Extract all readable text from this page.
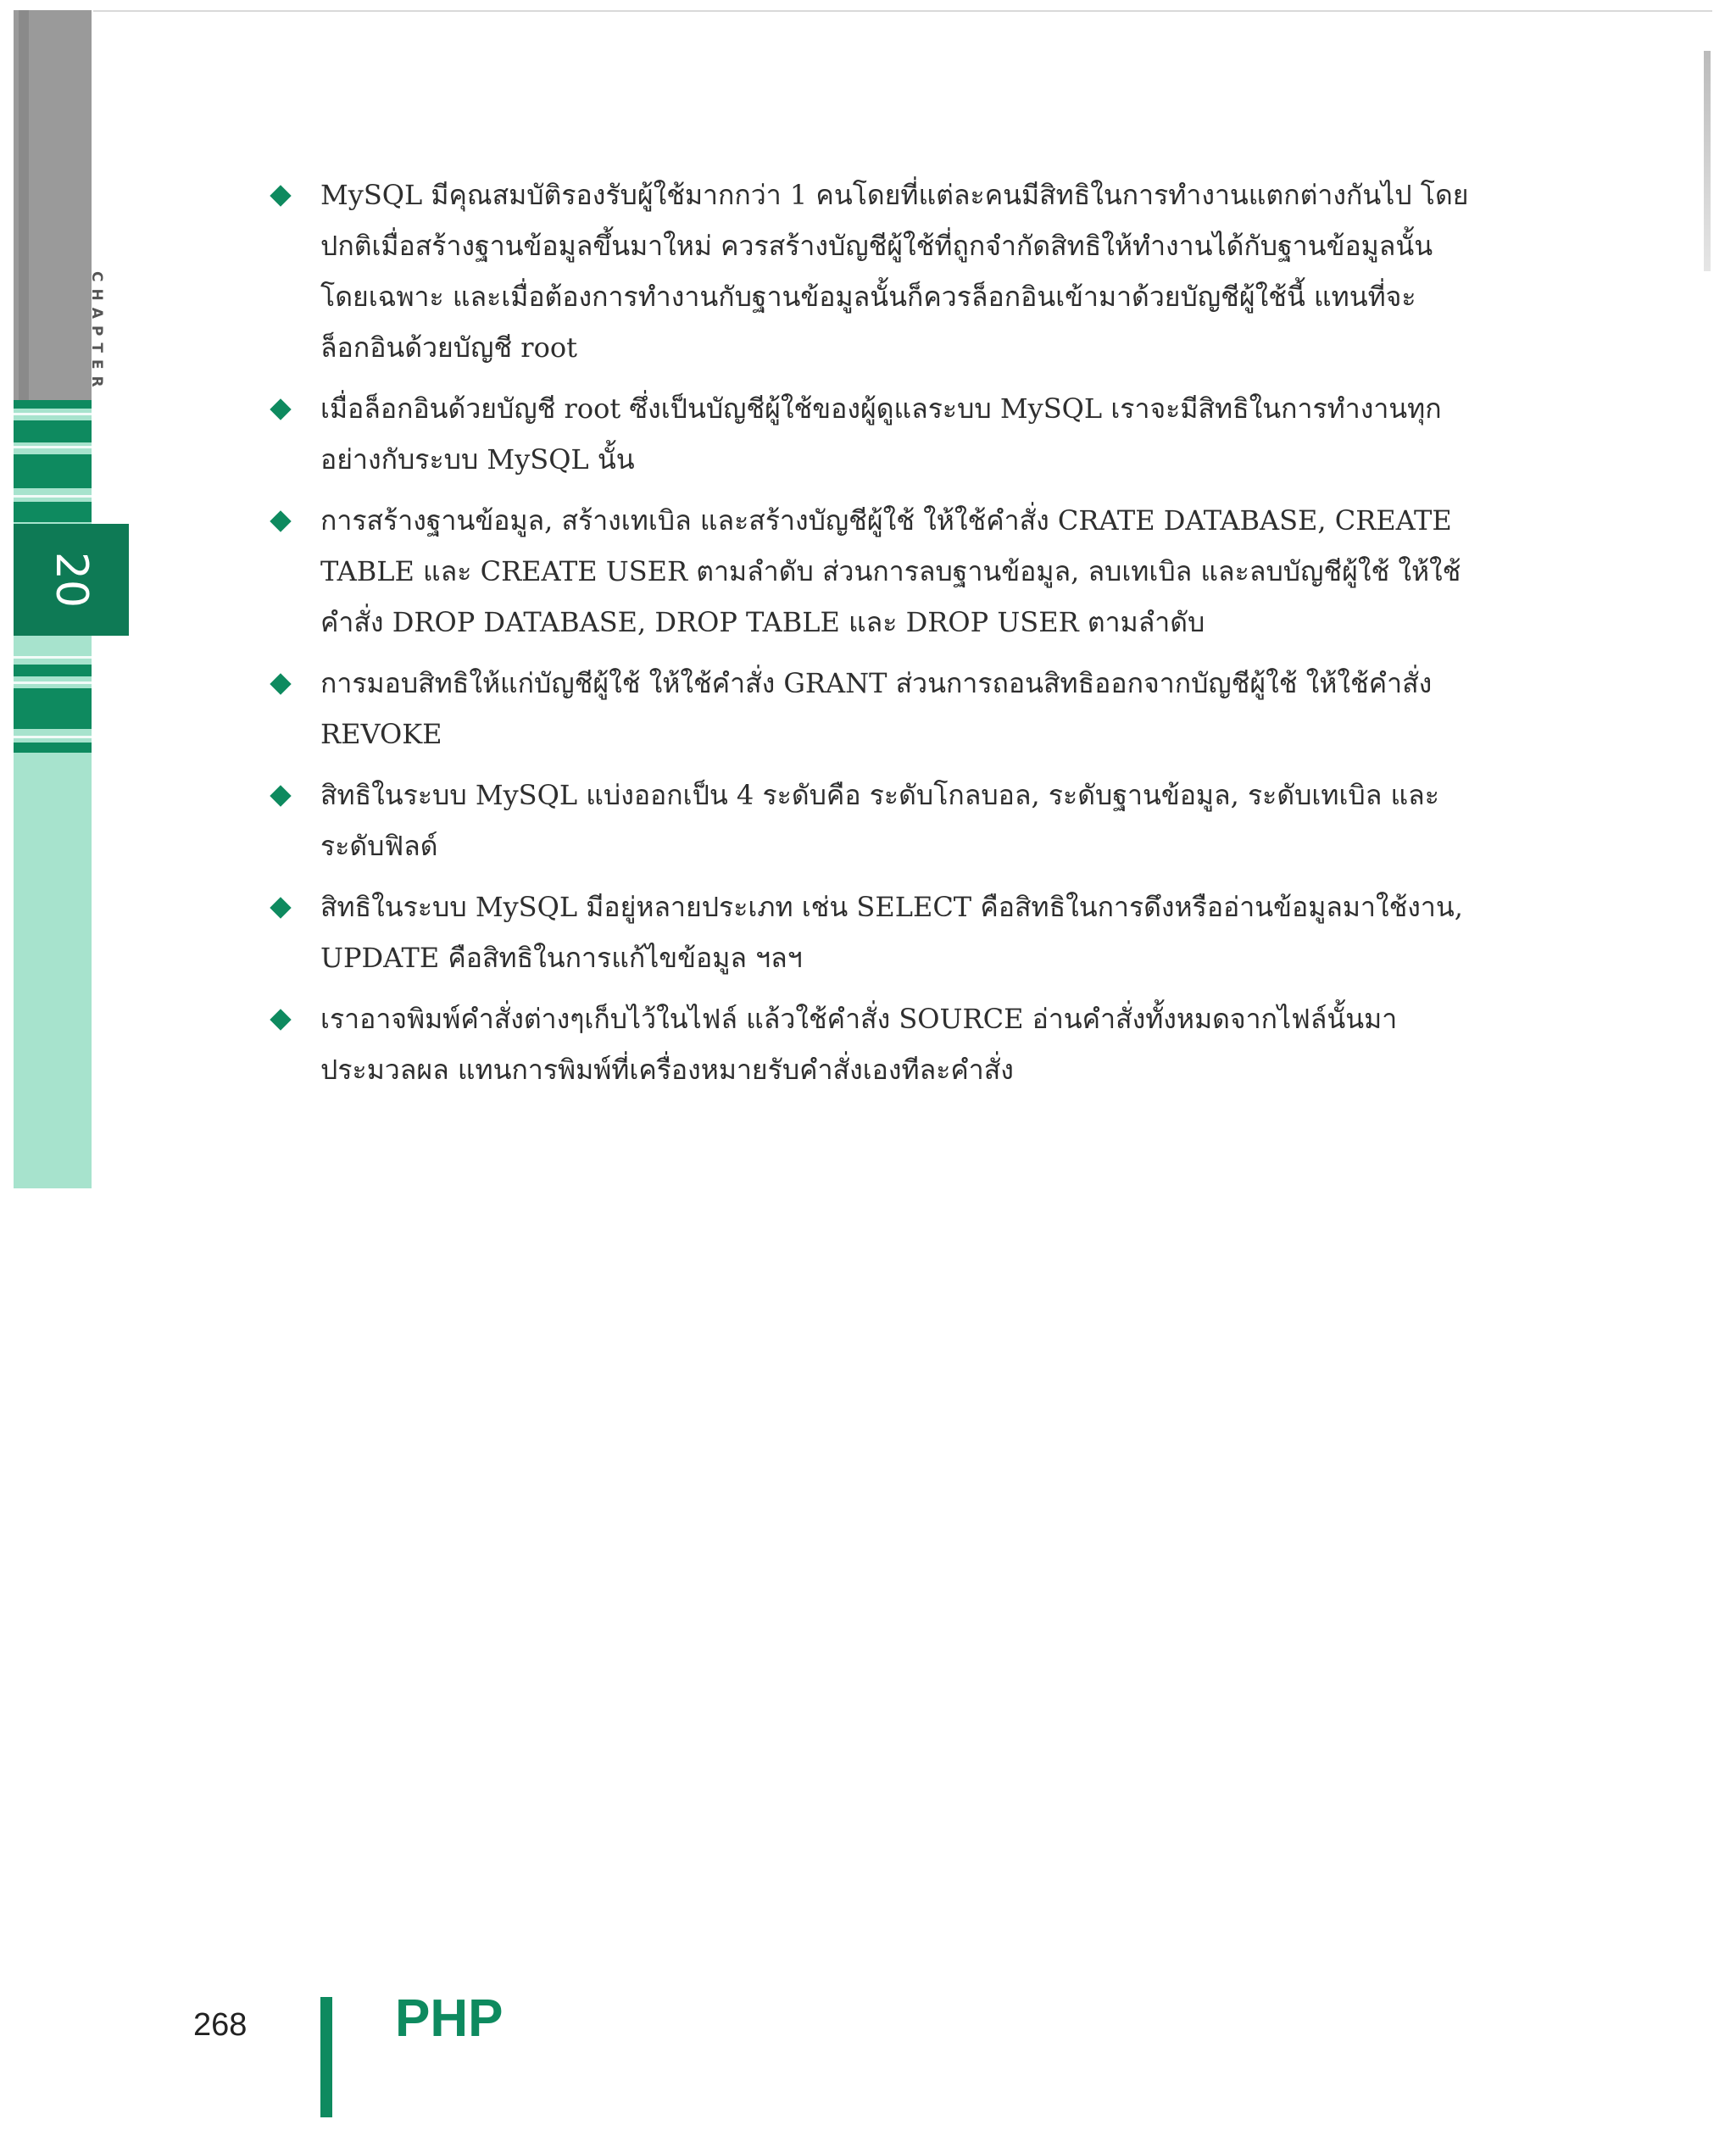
CHAPTER
20
MySQL มีคุณสมบัติรองรับผู้ใช้มากกว่า 1 คนโดยที่แต่ละคนมีสิทธิในการทำงานแตกต่างกันไป โดยปกติเมื่อสร้างฐานข้อมูลขึ้นมาใหม่ ควรสร้างบัญชีผู้ใช้ที่ถูกจำกัดสิทธิให้ทำงานได้กับฐานข้อมูลนั้นโดยเฉพาะ และเมื่อต้องการทำงานกับฐานข้อมูลนั้นก็ควรล็อกอินเข้ามาด้วยบัญชีผู้ใช้นี้ แทนที่จะล็อกอินด้วยบัญชี root
เมื่อล็อกอินด้วยบัญชี root ซึ่งเป็นบัญชีผู้ใช้ของผู้ดูแลระบบ MySQL เราจะมีสิทธิในการทำงานทุกอย่างกับระบบ MySQL นั้น
การสร้างฐานข้อมูล, สร้างเทเบิล และสร้างบัญชีผู้ใช้ ให้ใช้คำสั่ง CRATE DATABASE, CREATE TABLE และ CREATE USER ตามลำดับ ส่วนการลบฐานข้อมูล, ลบเทเบิล และลบบัญชีผู้ใช้ ให้ใช้คำสั่ง DROP DATABASE, DROP TABLE และ DROP USER ตามลำดับ
การมอบสิทธิให้แก่บัญชีผู้ใช้ ให้ใช้คำสั่ง GRANT ส่วนการถอนสิทธิออกจากบัญชีผู้ใช้ ให้ใช้คำสั่ง REVOKE
สิทธิในระบบ MySQL แบ่งออกเป็น 4 ระดับคือ ระดับโกลบอล, ระดับฐานข้อมูล, ระดับเทเบิล และระดับฟิลด์
สิทธิในระบบ MySQL มีอยู่หลายประเภท เช่น SELECT คือสิทธิในการดึงหรืออ่านข้อมูลมาใช้งาน, UPDATE คือสิทธิในการแก้ไขข้อมูล ฯลฯ
เราอาจพิมพ์คำสั่งต่างๆเก็บไว้ในไฟล์ แล้วใช้คำสั่ง SOURCE อ่านคำสั่งทั้งหมดจากไฟล์นั้นมาประมวลผล แทนการพิมพ์ที่เครื่องหมายรับคำสั่งเองทีละคำสั่ง
268	PHP
